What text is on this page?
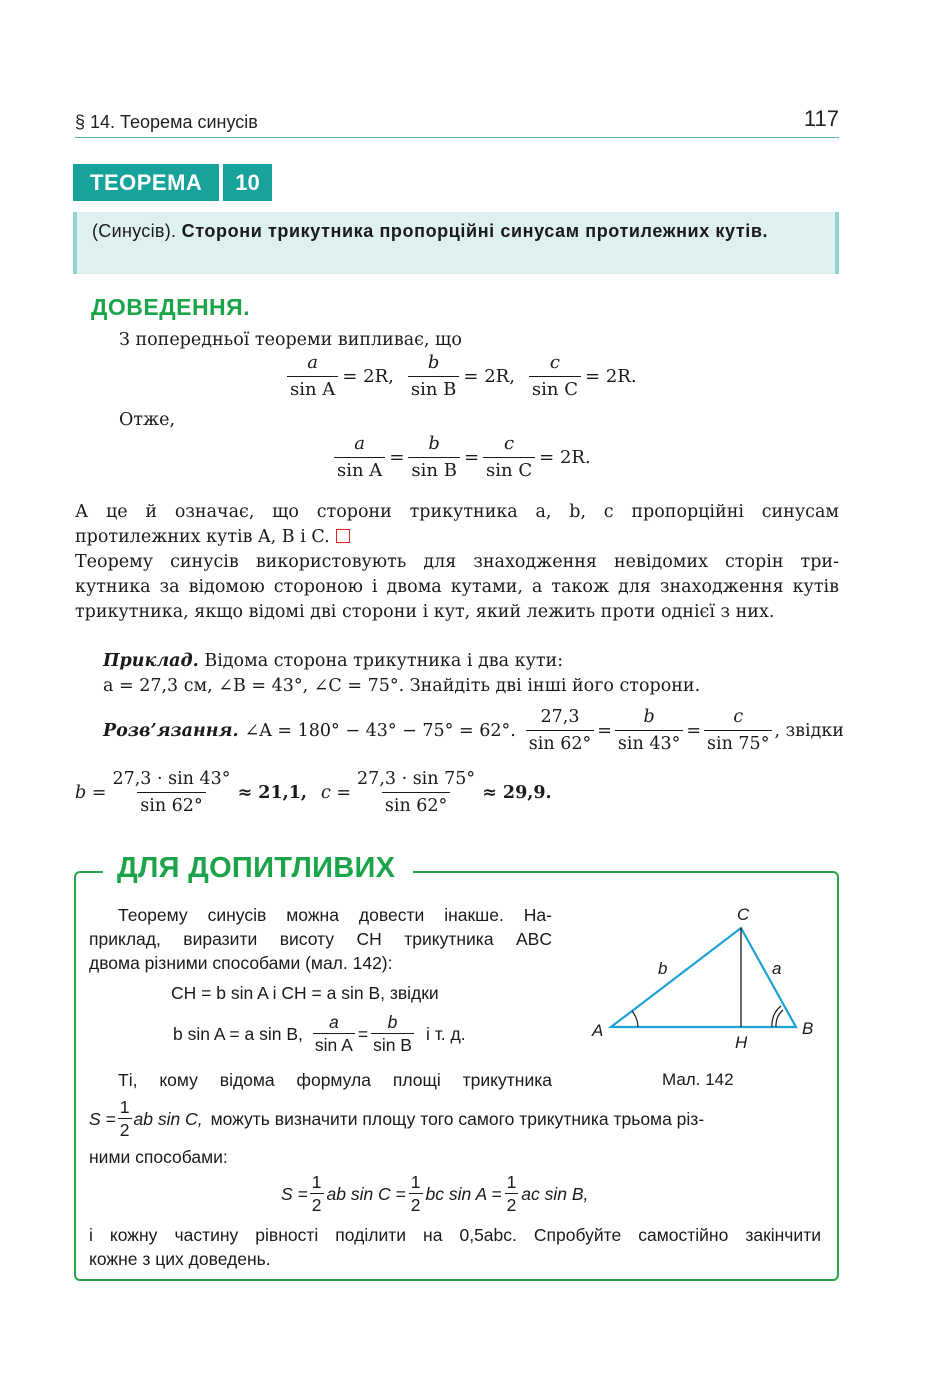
§ 14. Теорема синусів	117
ТЕОРЕМА	10
(Синусів). Сторони трикутника пропорційні синусам протилежних кутів.
ДОВЕДЕННЯ.
З попередньої теореми випливає, що
$\frac{a}{\text{sin A}} = 2R$, $\frac{b}{\text{sin B}} = 2R$, $\frac{c}{\text{sin C}} = 2R$.
Отже,
$\frac{a}{\text{sin A}} = \frac{b}{\text{sin B}} = \frac{c}{\text{sin C}} = 2R$.
А це й означає, що сторони трикутника a, b, c пропорційні синусам
протилежних кутів A, B і C.
Теорему синусів використовують для знаходження невідомих сторін три-
кутника за відомою стороною і двома кутами, а також для знаходження кутів
трикутника, якщо відомі дві сторони і кут, який лежить проти однієї з них.
Приклад. Відома сторона трикутника і два кути:
a = 27,3 см, ∠B = 43°, ∠C = 75°. Знайдіть дві інші його сторони.
Розв’язання. ∠A = 180° − 43° − 75° = 62°. $\frac{27,3}{\sin 62^\circ} = \frac{b}{\sin 43^\circ} = \frac{c}{\sin 75^\circ}$ , звідки
$b = \frac{27,3 \cdot \sin 43^\circ}{\sin 62^\circ} \approx 21,1$, $c = \frac{27,3 \cdot \sin 75^\circ}{\sin 62^\circ} \approx 29,9$.
ДЛЯ ДОПИТЛИВИХ
Теорему синусів можна довести інакше. На-
приклад, виразити висоту CH трикутника ABC
двома різними способами (мал. 142):
CH = b sin A і CH = a sin B, звідки
b sin A = a sin B, $\frac{a}{\text{sin A}} = \frac{b}{\text{sin B}}$ і т. д.
Ті, кому відома формула площі трикутника
$S = \frac{1}{2}$ ab sin C, можуть визначити площу того самого трикутника трьома різ-
ними способами:
$S = \frac{1}{2}$ ab $\sin C = \frac{1}{2}$ bc $\sin A = \frac{1}{2}$ ac sin B,
і кожну частину рівності поділити на 0,5abc. Спробуйте самостійно закінчити
кожне з цих доведень.
C
A	B
H
b	a
Мал. 142
